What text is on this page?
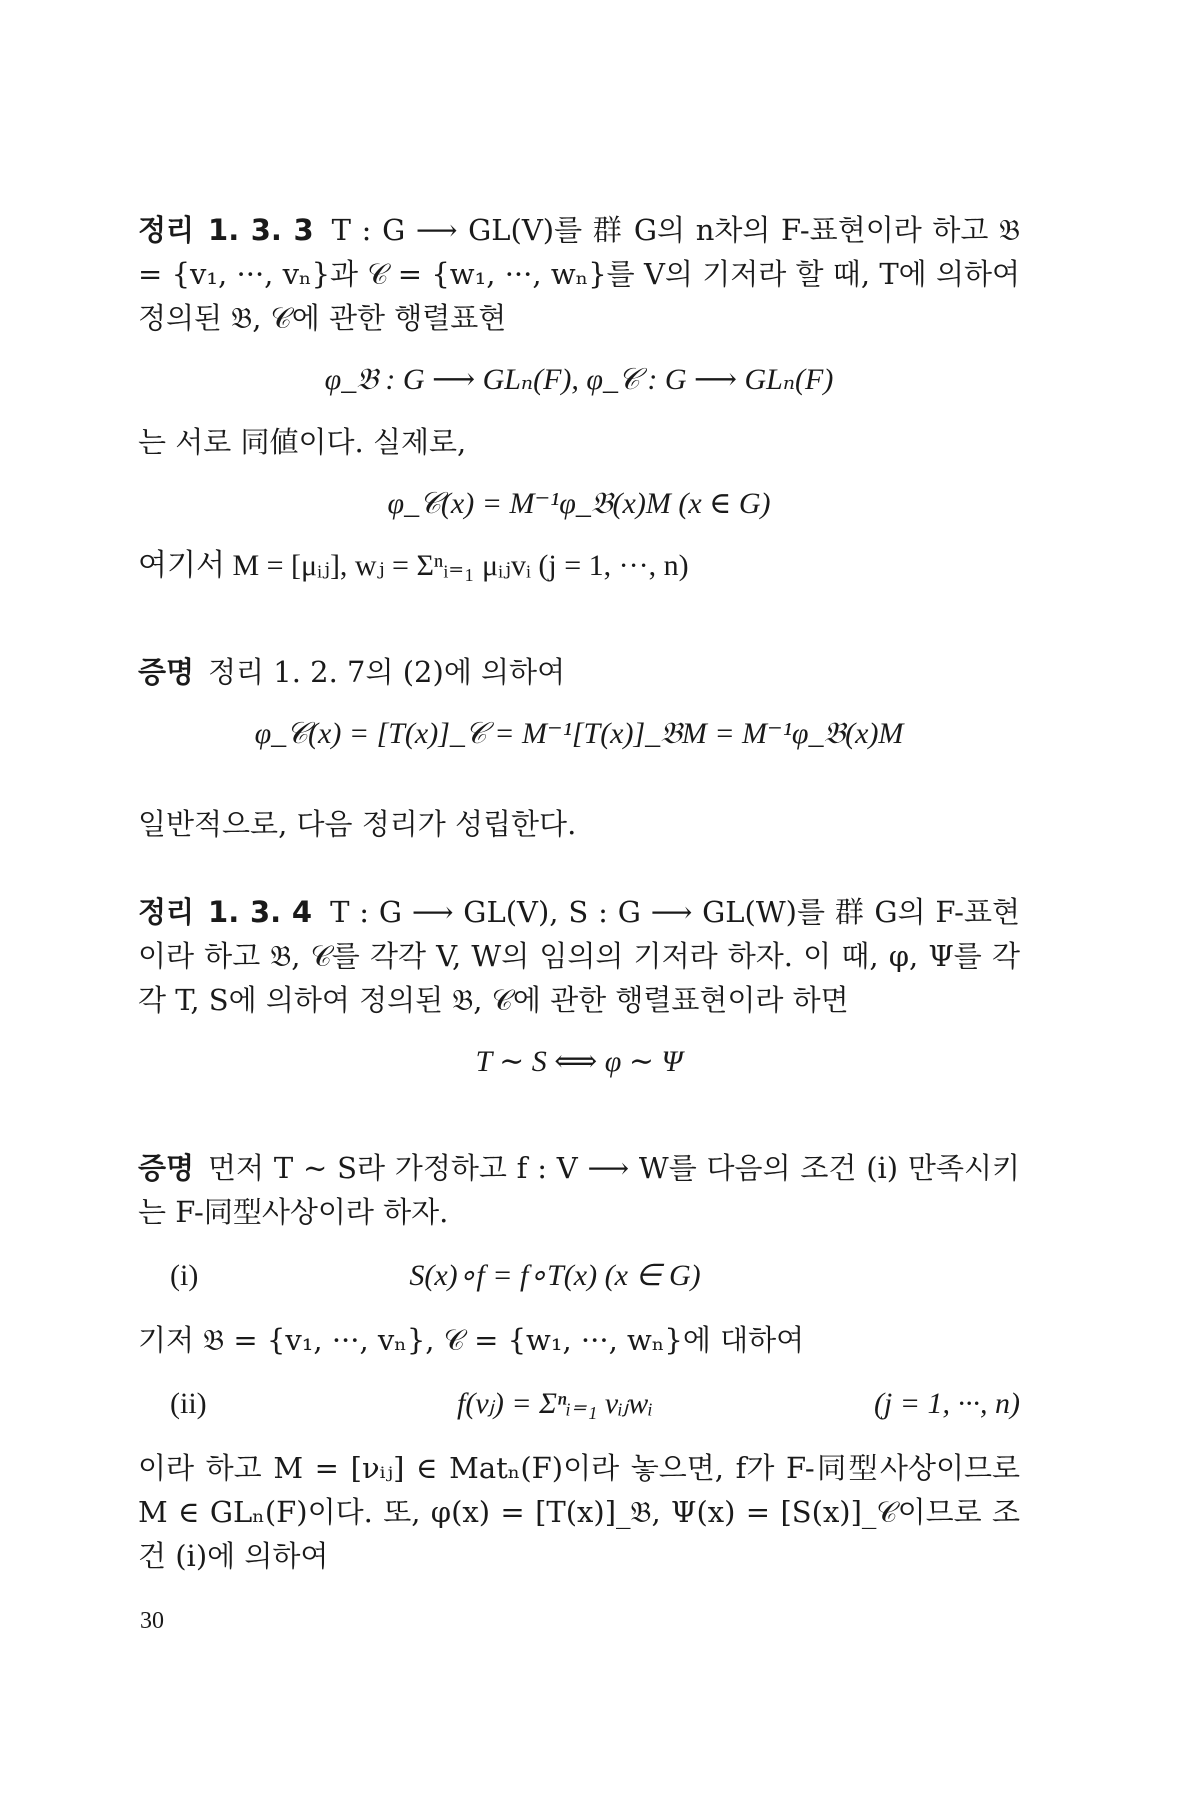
정리 1. 3. 3 T : G ⟶ GL(V)를 群 G의 n차의 F-표현이라 하고 𝔅 = {v₁, ···, vₙ}과 𝒞 = {w₁, ···, wₙ}를 V의 기저라 할 때, T에 의하여 정의된 𝔅, 𝒞에 관한 행렬표현

φ_𝔅 : G ⟶ GLₙ(F), φ_𝒞 : G ⟶ GLₙ(F)

는 서로 同値이다. 실제로,

φ_𝒞(x) = M⁻¹φ_𝔅(x)M (x ∈ G)
여기서 M = [μᵢⱼ], wⱼ = Σⁿᵢ₌₁ μᵢⱼvᵢ (j = 1, ···, n)

증명 정리 1. 2. 7의 (2)에 의하여

φ_𝒞(x) = [T(x)]_𝒞 = M⁻¹[T(x)]_𝔅M = M⁻¹φ_𝔅(x)M

일반적으로, 다음 정리가 성립한다.

정리 1. 3. 4 T : G ⟶ GL(V), S : G ⟶ GL(W)를 群 G의 F-표현이라 하고 𝔅, 𝒞를 각각 V, W의 임의의 기저라 하자. 이 때, φ, Ψ를 각각 T, S에 의하여 정의된 𝔅, 𝒞에 관한 행렬표현이라 하면

T ∼ S ⟺ φ ∼ Ψ

증명 먼저 T ∼ S라 가정하고 f : V ⟶ W를 다음의 조건 (i) 만족시키는 F-同型사상이라 하자.

(i)	S(x)∘f = f∘T(x) (x ∈ G)

기저 𝔅 = {v₁, ···, vₙ}, 𝒞 = {w₁, ···, wₙ}에 대하여

(ii)	f(vⱼ) = Σⁿᵢ₌₁ νᵢⱼwᵢ	(j = 1, ···, n)

이라 하고 M = [νᵢⱼ] ∈ Matₙ(F)이라 놓으면, f가 F-同型사상이므로 M ∈ GLₙ(F)이다. 또, φ(x) = [T(x)]_𝔅, Ψ(x) = [S(x)]_𝒞이므로 조건 (i)에 의하여

30
